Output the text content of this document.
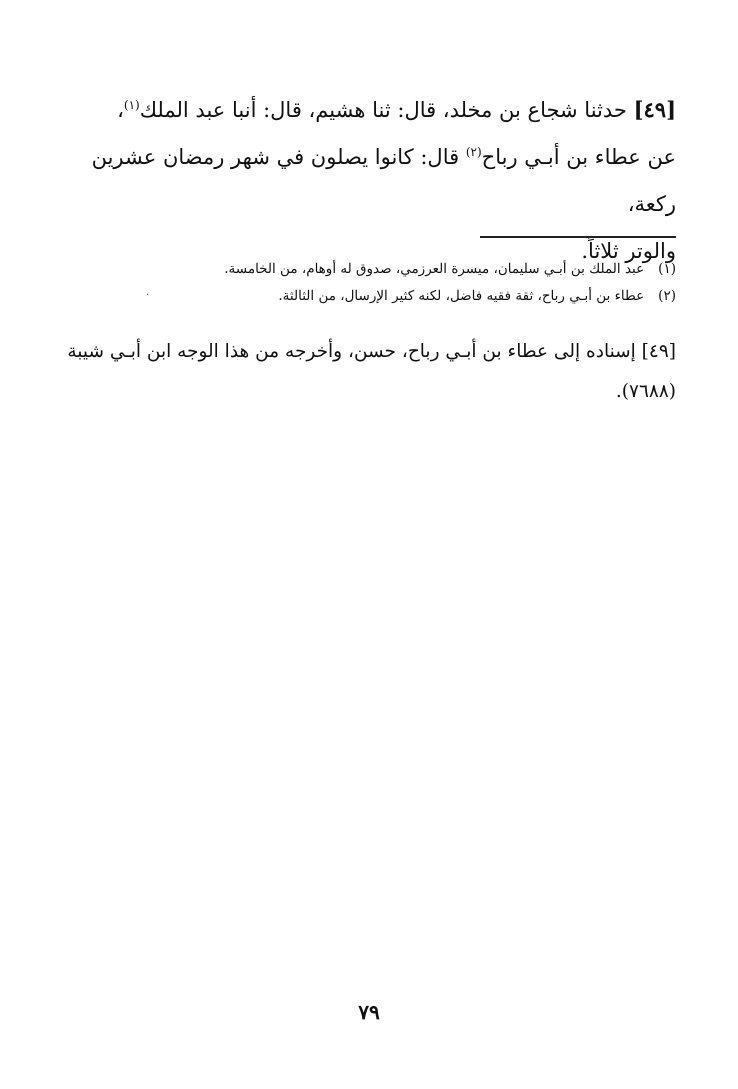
[٤٩] حدثنا شجاع بن مخلد، قال: ثنا هشيم، قال: أنبا عبد الملك$^{(١)}$،
عن عطاء بن أبـي رباح$^{(٢)}$ قال: كانوا يصلون في شهر رمضان عشرين ركعة،
والوتر ثلاثاً.
(١)عبد الملك بن أبـي سليمان، ميسرة العرزمي، صدوق له أوهام، من الخامسة.
(٢)عطاء بن أبـي رباح، ثقة فقيه فاضل، لكنه كثير الإرسال، من الثالثة.
·
[٤٩] إسناده إلى عطاء بن أبـي رباح، حسن، وأخرجه من هذا الوجه ابن أبـي شيبة
(٧٦٨٨).
٧٩
